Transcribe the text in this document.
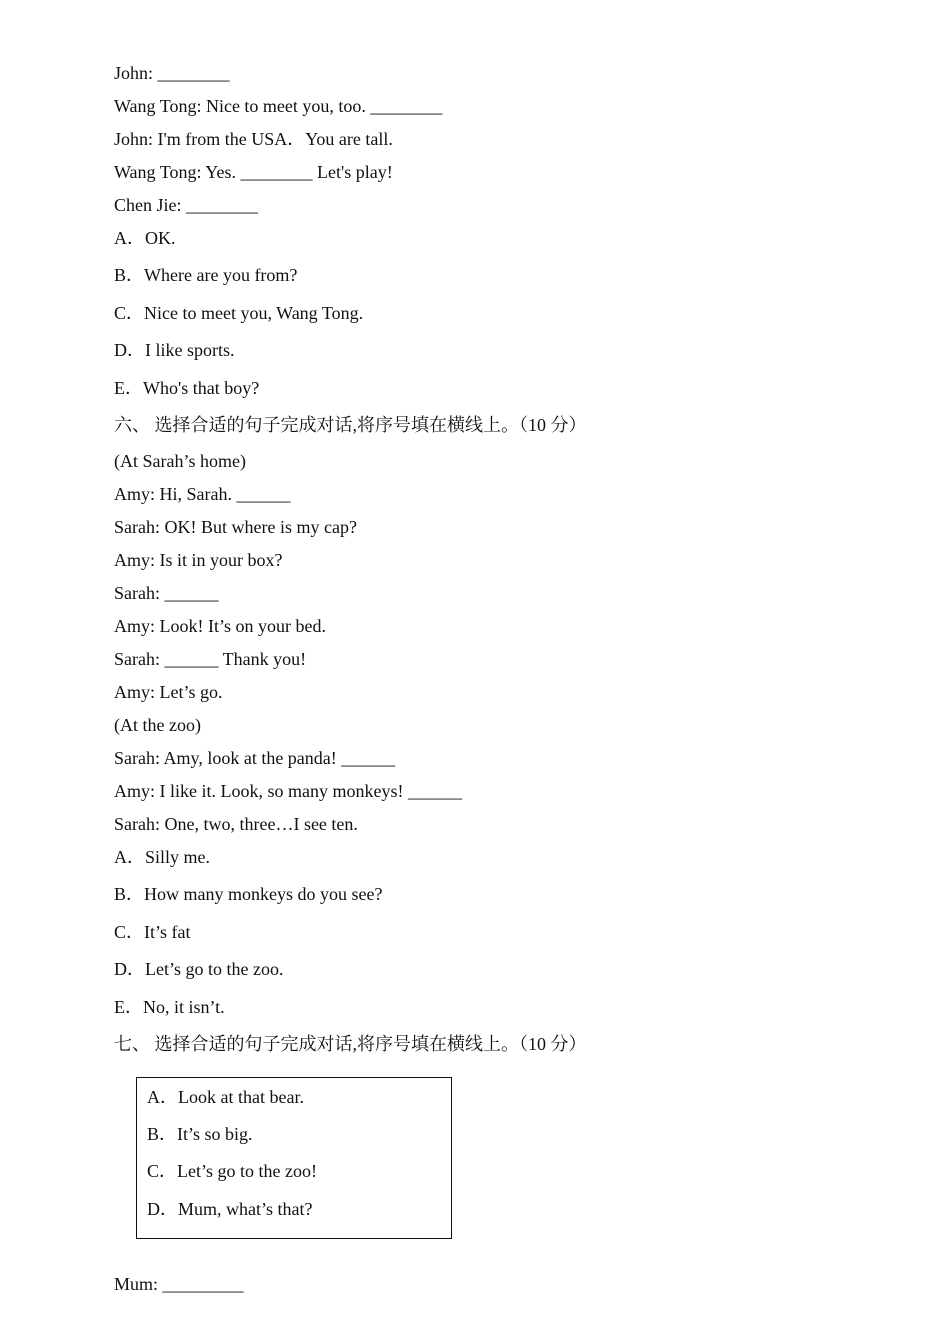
John: ________
Wang Tong: Nice to meet you, too. ________
John: I'm from the USA．You are tall.
Wang Tong: Yes. ________ Let's play!
Chen Jie: ________
A．OK.
B．Where are you from?
C．Nice to meet you, Wang Tong.
D．I like sports.
E．Who's that boy?
六、 选择合适的句子完成对话,将序号填在横线上。（10 分）
(At Sarah’s home)
Amy: Hi, Sarah. ______
Sarah: OK! But where is my cap?
Amy: Is it in your box?
Sarah: ______
Amy: Look! It’s on your bed.
Sarah: ______ Thank you!
Amy: Let’s go.
(At the zoo)
Sarah: Amy, look at the panda! ______
Amy: I like it. Look, so many monkeys! ______
Sarah: One, two, three…I see ten.
A．Silly me.
B．How many monkeys do you see?
C．It’s fat
D．Let’s go to the zoo.
E．No, it isn’t.
七、 选择合适的句子完成对话,将序号填在横线上。（10 分）
A．Look at that bear.
B．It’s so big.
C．Let’s go to the zoo!
D．Mum, what’s that?
Mum: _________
